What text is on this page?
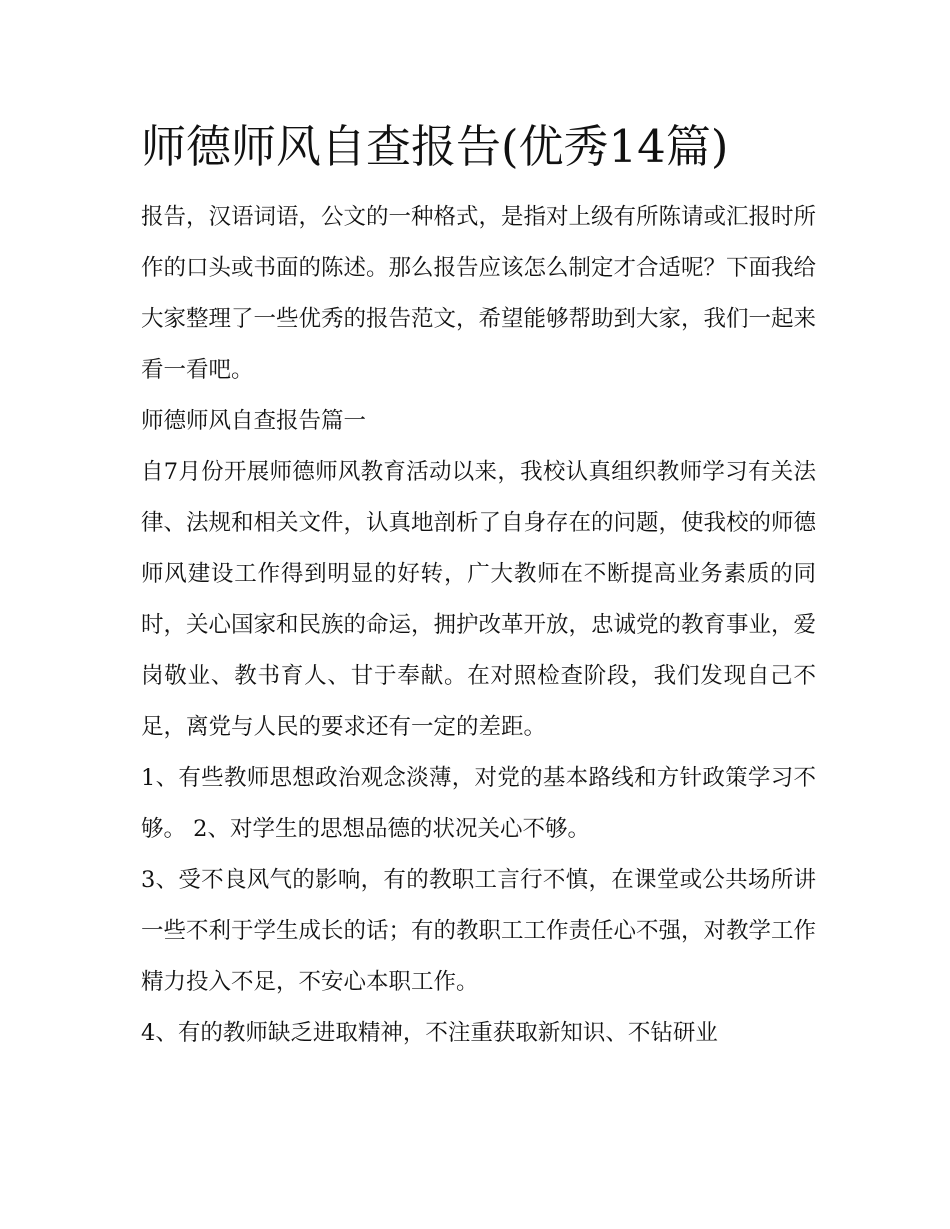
师德师风自查报告(优秀14篇)

报告，汉语词语，公文的一种格式，是指对上级有所陈请或汇报时所作的口头或书面的陈述。那么报告应该怎么制定才合适呢？下面我给大家整理了一些优秀的报告范文，希望能够帮助到大家，我们一起来看一看吧。

师德师风自查报告篇一

自7月份开展师德师风教育活动以来，我校认真组织教师学习有关法律、法规和相关文件，认真地剖析了自身存在的问题，使我校的师德师风建设工作得到明显的好转，广大教师在不断提高业务素质的同时，关心国家和民族的命运，拥护改革开放，忠诚党的教育事业，爱岗敬业、教书育人、甘于奉献。在对照检查阶段，我们发现自己不足，离党与人民的要求还有一定的差距。

1、有些教师思想政治观念淡薄，对党的基本路线和方针政策学习不够。 2、对学生的思想品德的状况关心不够。

3、受不良风气的影响，有的教职工言行不慎，在课堂或公共场所讲一些不利于学生成长的话；有的教职工工作责任心不强，对教学工作精力投入不足，不安心本职工作。

4、有的教师缺乏进取精神，不注重获取新知识、不钻研业
